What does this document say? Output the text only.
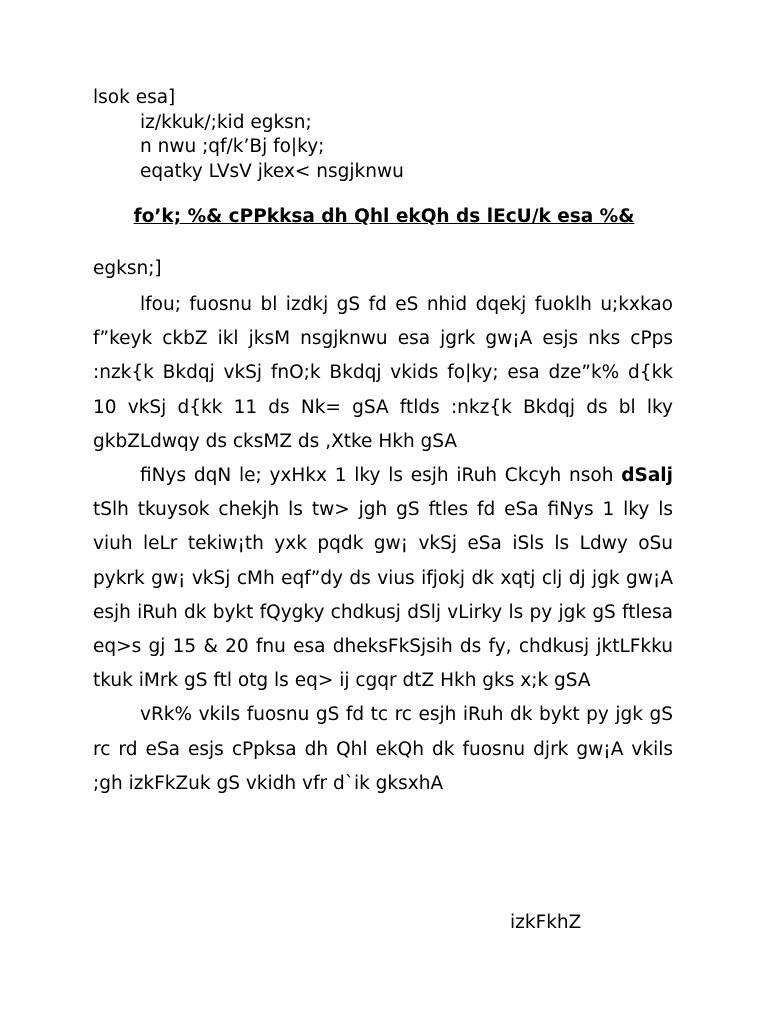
lsok esa]
iz/kkuk/;kid egksn;
n nwu ;qf/k’Bj fo|ky;
eqatky LVsV jkex< nsgjknwu
fo’k; %& cPPkksa dh Qhl ekQh ds lEcU/k esa %&
egksn;]

lfou; fuosnu bl izdkj gS fd eS nhid dqekj fuoklh u;kxkao f”keyk ckbZ ikl jksM nsgjknwu esa jgrk gw¡A esjs nks cPps :nzk{k Bkdqj vkSj fnO;k Bkdqj vkids fo|ky; esa dze”k% d{kk 10 vkSj d{kk 11 ds Nk= gSA ftlds :nkz{k Bkdqj ds bl lky gkbZLdwqy ds cksMZ ds ,Xtke Hkh gSA

fiNys dqN le; yxHkx 1 lky ls esjh iRuh Ckcyh nsoh dSalj tSlh tkuysok chekjh ls tw> jgh gS ftles fd eSa fiNys 1 lky ls viuh leLr tekiw¡th yxk pqdk gw¡ vkSj eSa iSls ls Ldwy oSu pykrk gw¡ vkSj cMh eqf”dy ds vius ifjokj dk xqtj clj dj jgk gw¡A esjh iRuh dk bykt fQygky chdkusj dSlj vLirky ls py jgk gS ftlesa eq>s gj 15 & 20 fnu esa dheksFkSjsih ds fy, chdkusj jktLFkku tkuk iMrk gS ftl otg ls eq> ij cgqr dtZ Hkh gks x;k gSA

vRk% vkils fuosnu gS fd tc rc esjh iRuh dk bykt py jgk gS rc rd eSa esjs cPpksa dh Qhl ekQh dk fuosnu djrk gw¡A vkils ;gh izkFkZuk gS vkidh vfr d`ik gksxhA

izkFkhZ
